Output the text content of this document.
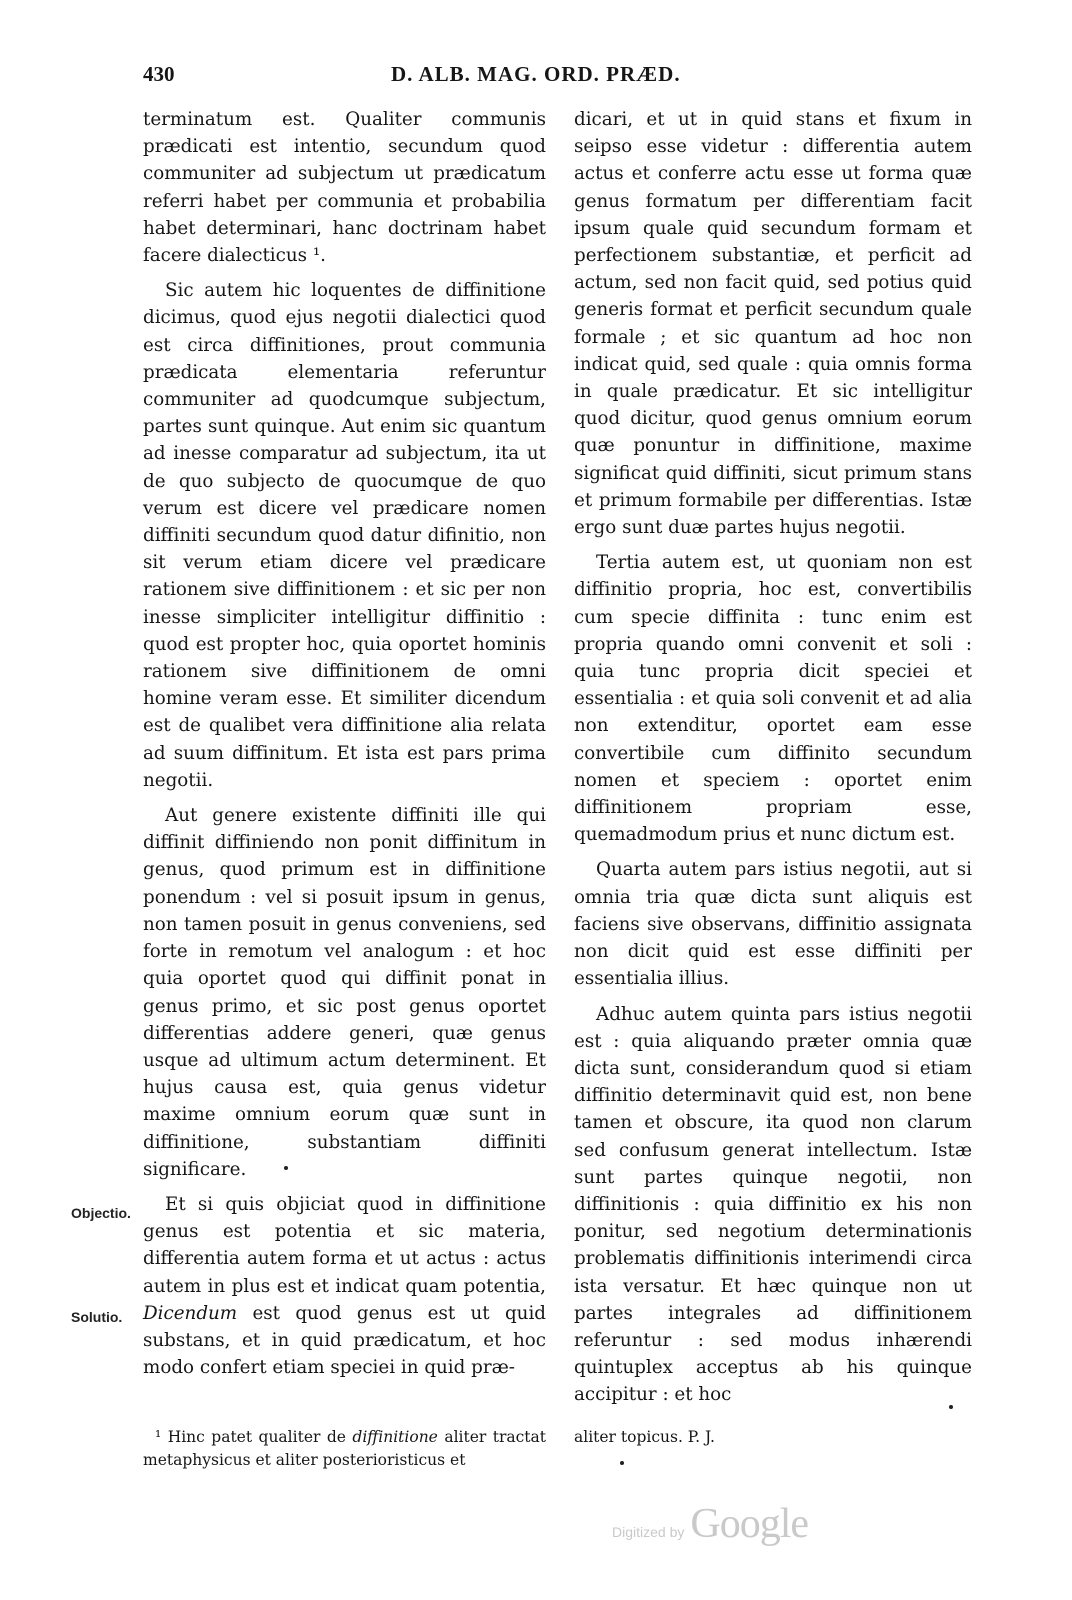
430	D. ALB. MAG. ORD. PRÆD.

terminatum est. Qualiter communis prædicati est intentio, secundum quod communiter ad subjectum ut prædicatum referri habet per communia et probabilia habet determinari, hanc doctrinam habet facere dialecticus ¹.

Sic autem hic loquentes de diffinitione dicimus, quod ejus negotii dialectici quod est circa diffinitiones, prout communia prædicata elementaria referuntur communiter ad quodcumque subjectum, partes sunt quinque. Aut enim sic quantum ad inesse comparatur ad subjectum, ita ut de quo subjecto de quocumque de quo verum est dicere vel prædicare nomen diffiniti secundum quod datur difinitio, non sit verum etiam dicere vel prædicare rationem sive diffinitionem : et sic per non inesse simpliciter intelligitur diffinitio : quod est propter hoc, quia oportet hominis rationem sive diffinitionem de omni homine veram esse. Et similiter dicendum est de qualibet vera diffinitione alia relata ad suum diffinitum. Et ista est pars prima negotii.

Aut genere existente diffiniti ille qui diffinit diffiniendo non ponit diffinitum in genus, quod primum est in diffinitione ponendum : vel si posuit ipsum in genus, non tamen posuit in genus conveniens, sed forte in remotum vel analogum : et hoc quia oportet quod qui diffinit ponat in genus primo, et sic post genus oportet differentias addere generi, quæ genus usque ad ultimum actum determinent. Et hujus causa est, quia genus videtur maxime omnium eorum quæ sunt in diffinitione, substantiam diffiniti significare.

Et si quis objiciat quod in diffinitione genus est potentia et sic materia, differentia autem forma et ut actus : actus autem in plus est et indicat quam potentia, Dicendum est quod genus est ut quid substans, et in quid prædicatum, et hoc modo confert etiam speciei in quid præ-

dicari, et ut in quid stans et fixum in seipso esse videtur : differentia autem actus et conferre actu esse ut forma quæ genus formatum per differentiam facit ipsum quale quid secundum formam et perfectionem substantiæ, et perficit ad actum, sed non facit quid, sed potius quid generis format et perficit secundum quale formale ; et sic quantum ad hoc non indicat quid, sed quale : quia omnis forma in quale prædicatur. Et sic intelligitur quod dicitur, quod genus omnium eorum quæ ponuntur in diffinitione, maxime significat quid diffiniti, sicut primum stans et primum formabile per differentias. Istæ ergo sunt duæ partes hujus negotii.

Tertia autem est, ut quoniam non est diffinitio propria, hoc est, convertibilis cum specie diffinita : tunc enim est propria quando omni convenit et soli : quia tunc propria dicit speciei et essentialia : et quia soli convenit et ad alia non extenditur, oportet eam esse convertibile cum diffinito secundum nomen et speciem : oportet enim diffinitionem propriam esse, quemadmodum prius et nunc dictum est.

Quarta autem pars istius negotii, aut si omnia tria quæ dicta sunt aliquis est faciens sive observans, diffinitio assignata non dicit quid est esse diffiniti per essentialia illius.

Adhuc autem quinta pars istius negotii est : quia aliquando præter omnia quæ dicta sunt, considerandum quod si etiam diffinitio determinavit quid est, non bene tamen et obscure, ita quod non clarum sed confusum generat intellectum. Istæ sunt partes quinque negotii, non diffinitionis : quia diffinitio ex his non ponitur, sed negotium determinationis problematis diffinitionis interimendi circa ista versatur. Et hæc quinque non ut partes integrales ad diffinitionem referuntur : sed modus inhærendi quintuplex acceptus ab his quinque accipitur : et hoc

Objectio.
Solutio.

¹ Hinc patet qualiter de diffinitione aliter tractat metaphysicus et aliter posterioristicus et

aliter topicus. P. J.

Digitized by Google
